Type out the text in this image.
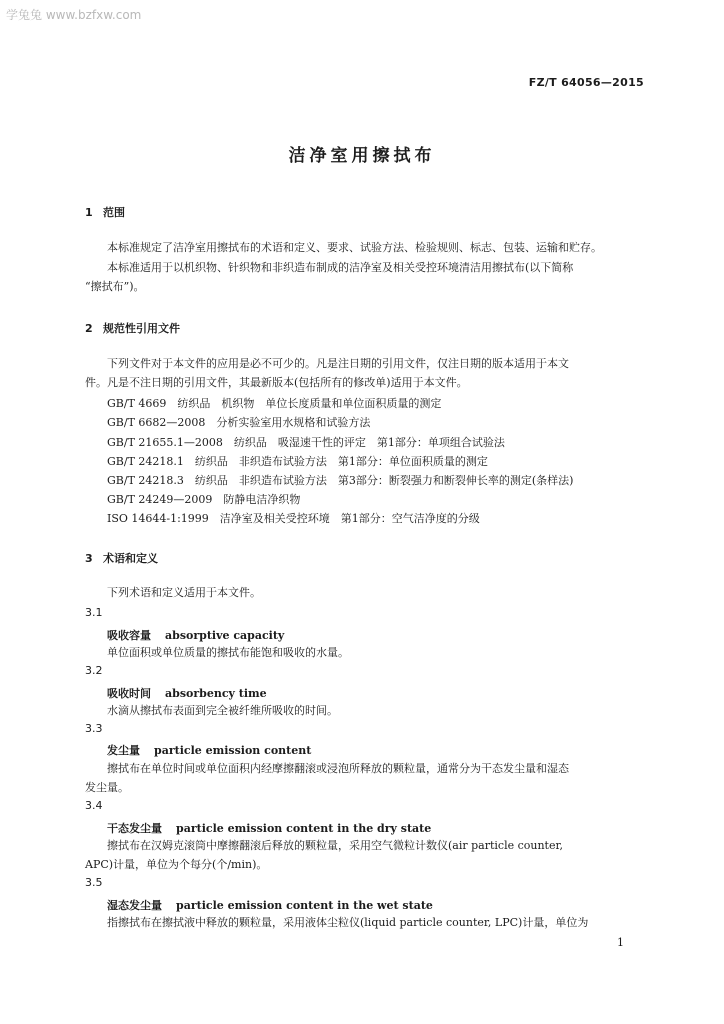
学兔兔 www.bzfxw.com
FZ/T 64056—2015
洁净室用擦拭布
1 范围
本标准规定了洁净室用擦拭布的术语和定义、要求、试验方法、检验规则、标志、包装、运输和贮存。
本标准适用于以机织物、针织物和非织造布制成的洁净室及相关受控环境清洁用擦拭布(以下简称
“擦拭布”)。
2 规范性引用文件
下列文件对于本文件的应用是必不可少的。凡是注日期的引用文件，仅注日期的版本适用于本文
件。凡是不注日期的引用文件，其最新版本(包括所有的修改单)适用于本文件。
GB/T 4669　纺织品　机织物　单位长度质量和单位面积质量的测定
GB/T 6682—2008　分析实验室用水规格和试验方法
GB/T 21655.1—2008　纺织品　吸湿速干性的评定　第1部分：单项组合试验法
GB/T 24218.1　纺织品　非织造布试验方法　第1部分：单位面积质量的测定
GB/T 24218.3　纺织品　非织造布试验方法　第3部分：断裂强力和断裂伸长率的测定(条样法)
GB/T 24249—2009　防静电洁净织物
ISO 14644-1:1999　洁净室及相关受控环境　第1部分：空气洁净度的分级
3 术语和定义
下列术语和定义适用于本文件。
3.1
吸收容量 absorptive capacity
单位面积或单位质量的擦拭布能饱和吸收的水量。
3.2
吸收时间 absorbency time
水滴从擦拭布表面到完全被纤维所吸收的时间。
3.3
发尘量 particle emission content
擦拭布在单位时间或单位面积内经摩擦翻滚或浸泡所释放的颗粒量，通常分为干态发尘量和湿态
发尘量。
3.4
干态发尘量 particle emission content in the dry state
擦拭布在汉姆克滚筒中摩擦翻滚后释放的颗粒量，采用空气微粒计数仪(air particle counter,
APC)计量，单位为个每分(个/min)。
3.5
湿态发尘量 particle emission content in the wet state
指擦拭布在擦拭液中释放的颗粒量，采用液体尘粒仪(liquid particle counter, LPC)计量，单位为
1
